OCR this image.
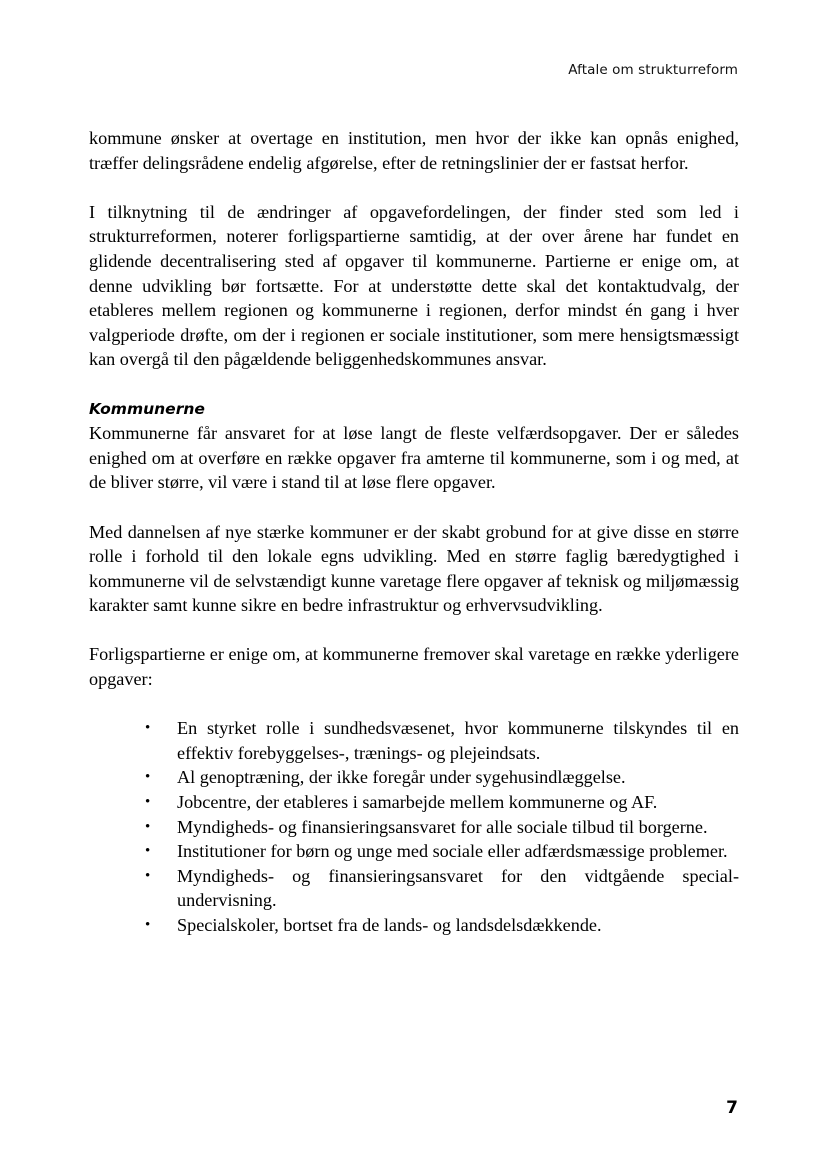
Aftale om strukturreform

kommune ønsker at overtage en institution, men hvor der ikke kan opnås enighed, træffer delingsrådene endelig afgørelse, efter de retningslinier der er fastsat herfor.

I tilknytning til de ændringer af opgavefordelingen, der finder sted som led i strukturreformen, noterer forligspartierne samtidig, at der over årene har fundet en glidende decentralisering sted af opgaver til kommunerne. Partierne er enige om, at denne udvikling bør fortsætte. For at understøtte dette skal det kontaktudvalg, der etableres mellem regionen og kommunerne i regionen, derfor mindst én gang i hver valgperiode drøfte, om der i regionen er sociale institutioner, som mere hensigtsmæssigt kan overgå til den pågældende beliggenhedskommunes ansvar.

Kommunerne

Kommunerne får ansvaret for at løse langt de fleste velfærdsopgaver. Der er således enighed om at overføre en række opgaver fra amterne til kommunerne, som i og med, at de bliver større, vil være i stand til at løse flere opgaver.

Med dannelsen af nye stærke kommuner er der skabt grobund for at give disse en større rolle i forhold til den lokale egns udvikling. Med en større faglig bæredygtighed i kommunerne vil de selvstændigt kunne varetage flere opgaver af teknisk og miljømæssig karakter samt kunne sikre en bedre infrastruktur og erhvervsudvikling.

Forligspartierne er enige om, at kommunerne fremover skal varetage en række yderligere opgaver:

• En styrket rolle i sundhedsvæsenet, hvor kommunerne tilskyndes til en effektiv forebyggelses-, trænings- og plejeindsats.
• Al genoptræning, der ikke foregår under sygehusindlæggelse.
• Jobcentre, der etableres i samarbejde mellem kommunerne og AF.
• Myndigheds- og finansieringsansvaret for alle sociale tilbud til borgerne.
• Institutioner for børn og unge med sociale eller adfærdsmæssige problemer.
• Myndigheds- og finansieringsansvaret for den vidtgående specialundervisning.
• Specialskoler, bortset fra de lands- og landsdelsdækkende.
7
